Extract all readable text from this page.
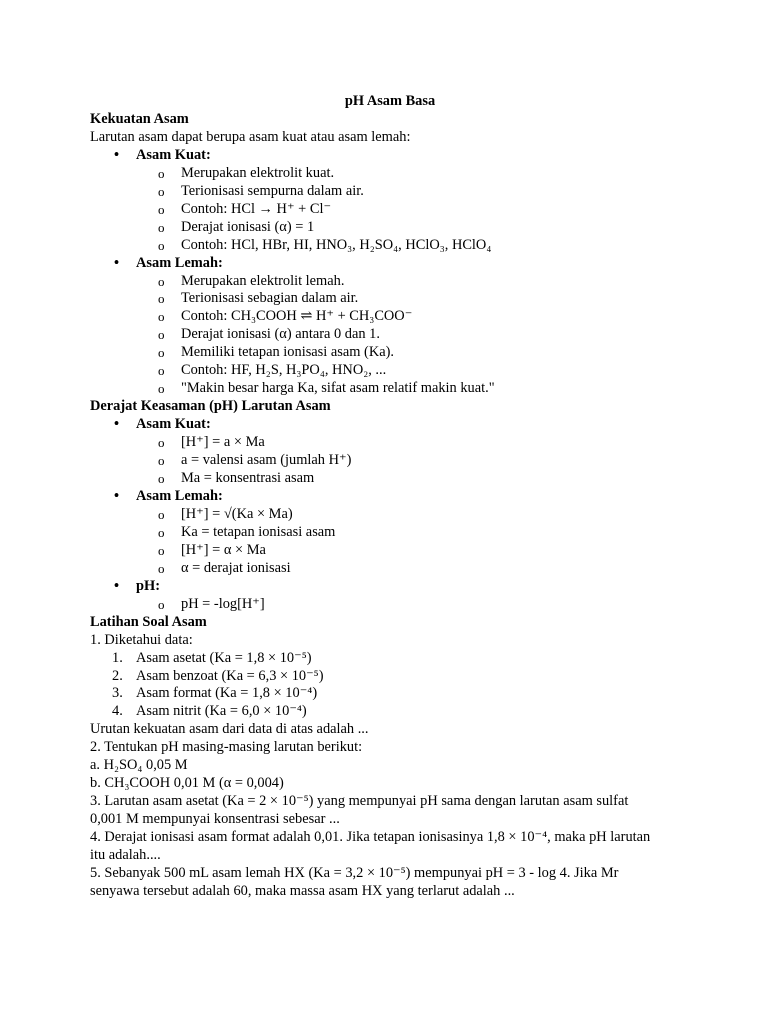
pH Asam Basa
Kekuatan Asam
Larutan asam dapat berupa asam kuat atau asam lemah:
• Asam Kuat:
o Merupakan elektrolit kuat.
o Terionisasi sempurna dalam air.
o Contoh: HCl → H⁺ + Cl⁻
o Derajat ionisasi (α) = 1
o Contoh: HCl, HBr, HI, HNO₃, H₂SO₄, HClO₃, HClO₄
• Asam Lemah:
o Merupakan elektrolit lemah.
o Terionisasi sebagian dalam air.
o Contoh: CH₃COOH ⇌ H⁺ + CH₃COO⁻
o Derajat ionisasi (α) antara 0 dan 1.
o Memiliki tetapan ionisasi asam (Ka).
o Contoh: HF, H₂S, H₃PO₄, HNO₂, ...
o "Makin besar harga Ka, sifat asam relatif makin kuat."
Derajat Keasaman (pH) Larutan Asam
• Asam Kuat:
o [H⁺] = a × Ma
o a = valensi asam (jumlah H⁺)
o Ma = konsentrasi asam
• Asam Lemah:
o [H⁺] = √(Ka × Ma)
o Ka = tetapan ionisasi asam
o [H⁺] = α × Ma
o α = derajat ionisasi
• pH:
o pH = -log[H⁺]
Latihan Soal Asam
1. Diketahui data:
1. Asam asetat (Ka = 1,8 × 10⁻⁵)
2. Asam benzoat (Ka = 6,3 × 10⁻⁵)
3. Asam format (Ka = 1,8 × 10⁻⁴)
4. Asam nitrit (Ka = 6,0 × 10⁻⁴)
Urutan kekuatan asam dari data di atas adalah ...
2. Tentukan pH masing-masing larutan berikut:
a. H₂SO₄ 0,05 M
b. CH₃COOH 0,01 M (α = 0,004)
3. Larutan asam asetat (Ka = 2 × 10⁻⁵) yang mempunyai pH sama dengan larutan asam sulfat
0,001 M mempunyai konsentrasi sebesar ...
4. Derajat ionisasi asam format adalah 0,01. Jika tetapan ionisasinya 1,8 × 10⁻⁴, maka pH larutan
itu adalah....
5. Sebanyak 500 mL asam lemah HX (Ka = 3,2 × 10⁻⁵) mempunyai pH = 3 - log 4. Jika Mr
senyawa tersebut adalah 60, maka massa asam HX yang terlarut adalah ...
